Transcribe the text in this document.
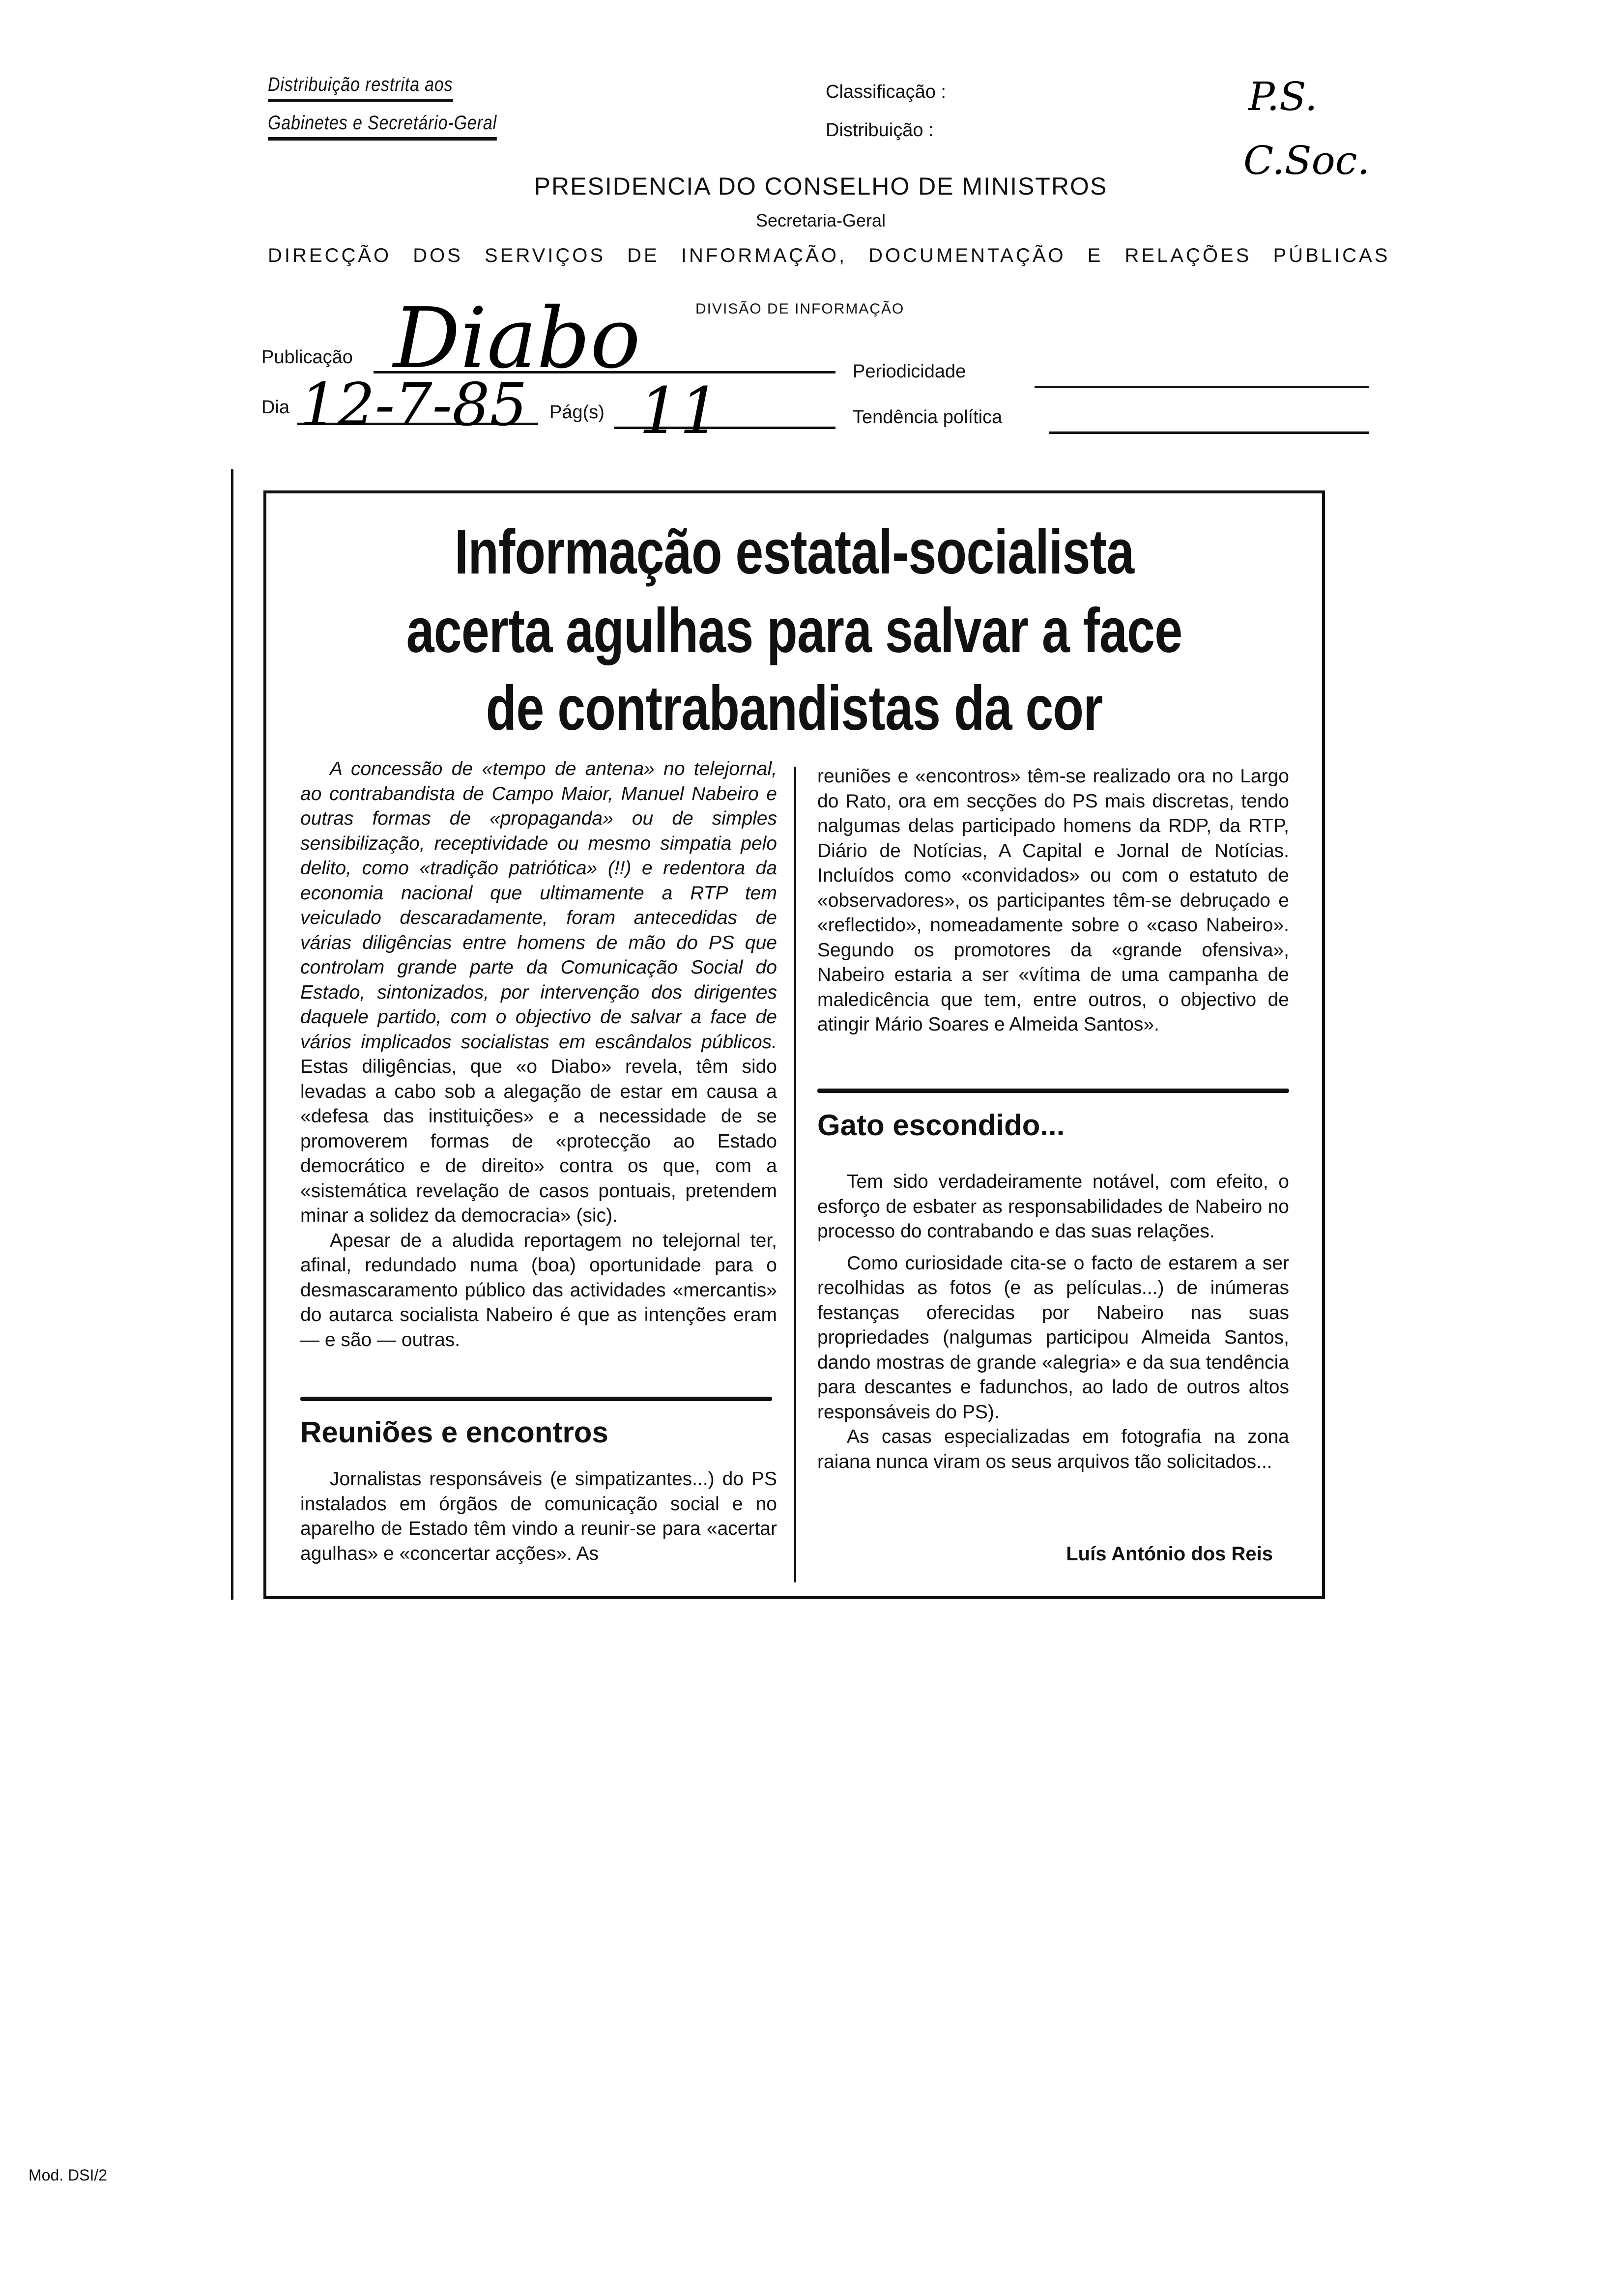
Distribuição restrita aos
Gabinetes e Secretário-Geral
Classificação :
Distribuição :
P.S.
C.Soc.
PRESIDENCIA DO CONSELHO DE MINISTROS
Secretaria-Geral
DIRECÇÃO DOS SERVIÇOS DE INFORMAÇÃO, DOCUMENTAÇÃO E RELAÇÕES PÚBLICAS
DIVISÃO DE INFORMAÇÃO
Publicação Diabo	Periodicidade
Dia 12-7-85 Pág(s) 11	Tendência política
Informação estatal-socialista
acerta agulhas para salvar a face
de contrabandistas da cor

A concessão de «tempo de antena» no telejornal, ao contrabandista de Campo Maior, Manuel Nabeiro e outras formas de «propaganda» ou de simples sensibilização, receptividade ou mesmo simpatia pelo delito, como «tradição patriótica» (!!) e redentora da economia nacional que ultimamente a RTP tem veiculado descaradamente, foram antecedidas de várias diligências entre homens de mão do PS que controlam grande parte da Comunicação Social do Estado, sintonizados, por intervenção dos dirigentes daquele partido, com o objectivo de salvar a face de vários implicados socialistas em escândalos públicos. Estas diligências, que «o Diabo» revela, têm sido levadas a cabo sob a alegação de estar em causa a «defesa das instituições» e a necessidade de se promoverem formas de «protecção ao Estado democrático e de direito» contra os que, com a «sistemática revelação de casos pontuais, pretendem minar a solidez da democracia» (sic).

Apesar de a aludida reportagem no telejornal ter, afinal, redundado numa (boa) oportunidade para o desmascaramento público das actividades «mercantis» do autarca socialista Nabeiro é que as intenções eram — e são — outras.

Reuniões e encontros

Jornalistas responsáveis (e simpatizantes...) do PS instalados em órgãos de comunicação social e no aparelho de Estado têm vindo a reunir-se para «acertar agulhas» e «concertar acções». As

reuniões e «encontros» têm-se realizado ora no Largo do Rato, ora em secções do PS mais discretas, tendo nalgumas delas participado homens da RDP, da RTP, Diário de Notícias, A Capital e Jornal de Notícias. Incluídos como «convidados» ou com o estatuto de «observadores», os participantes têm-se debruçado e «reflectido», nomeadamente sobre o «caso Nabeiro». Segundo os promotores da «grande ofensiva», Nabeiro estaria a ser «vítima de uma campanha de maledicência que tem, entre outros, o objectivo de atingir Mário Soares e Almeida Santos».

Gato escondido...

Tem sido verdadeiramente notável, com efeito, o esforço de esbater as responsabilidades de Nabeiro no processo do contrabando e das suas relações.

Como curiosidade cita-se o facto de estarem a ser recolhidas as fotos (e as películas...) de inúmeras festanças oferecidas por Nabeiro nas suas propriedades (nalgumas participou Almeida Santos, dando mostras de grande «alegria» e da sua tendência para descantes e fadunchos, ao lado de outros altos responsáveis do PS).

As casas especializadas em fotografia na zona raiana nunca viram os seus arquivos tão solicitados...

Luís António dos Reis
Mod. DSI/2
